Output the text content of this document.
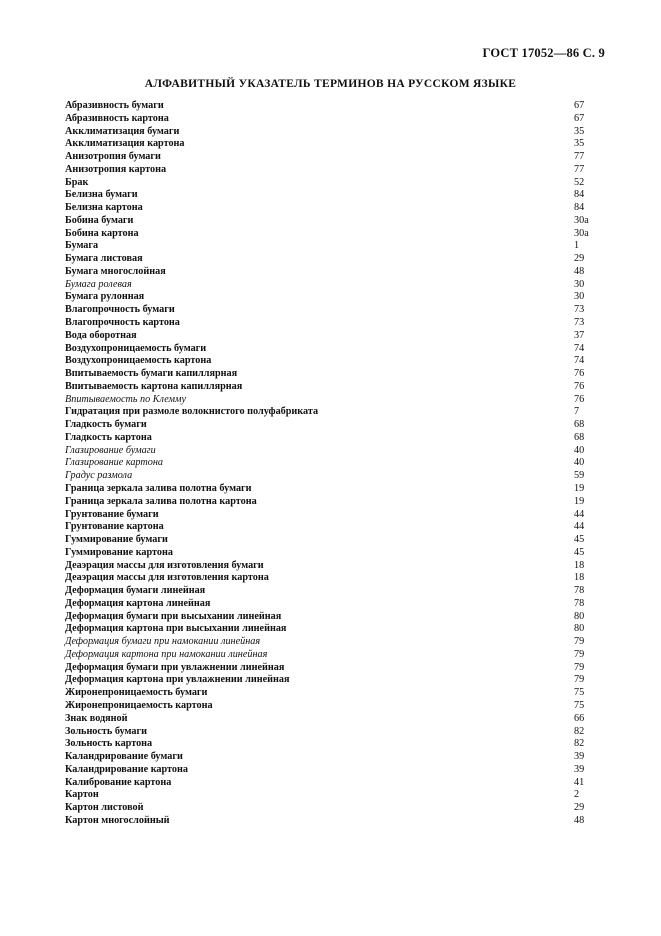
ГОСТ 17052—86 С. 9
АЛФАВИТНЫЙ УКАЗАТЕЛЬ ТЕРМИНОВ НА РУССКОМ ЯЗЫКЕ
Абразивность бумаги	67
Абразивность картона	67
Акклиматизация бумаги	35
Акклиматизация картона	35
Анизотропия бумаги	77
Анизотропия картона	77
Брак	52
Белизна бумаги	84
Белизна картона	84
Бобина бумаги	30a
Бобина картона	30a
Бумага	1
Бумага листовая	29
Бумага многослойная	48
Бумага ролевая	30
Бумага рулонная	30
Влагопрочность бумаги	73
Влагопрочность картона	73
Вода оборотная	37
Воздухопроницаемость бумаги	74
Воздухопроницаемость картона	74
Впитываемость бумаги капиллярная	76
Впитываемость картона капиллярная	76
Впитываемость по Клемму	76
Гидратация при размоле волокнистого полуфабриката	7
Гладкость бумаги	68
Гладкость картона	68
Глазирование бумаги	40
Глазирование картона	40
Градус размола	59
Граница зеркала залива полотна бумаги	19
Граница зеркала залива полотна картона	19
Грунтование бумаги	44
Грунтование картона	44
Гуммирование бумаги	45
Гуммирование картона	45
Деаэрация массы для изготовления бумаги	18
Деаэрация массы для изготовления картона	18
Деформация бумаги линейная	78
Деформация картона линейная	78
Деформация бумаги при высыхании линейная	80
Деформация картона при высыхании линейная	80
Деформация бумаги при намокании линейная	79
Деформация картона при намокании линейная	79
Деформация бумаги при увлажнении линейная	79
Деформация картона при увлажнении линейная	79
Жиронепроницаемость бумаги	75
Жиронепроницаемость картона	75
Знак водяной	66
Зольность бумаги	82
Зольность картона	82
Каландрирование бумаги	39
Каландрирование картона	39
Калибрование картона	41
Картон	2
Картон листовой	29
Картон многослойный	48
